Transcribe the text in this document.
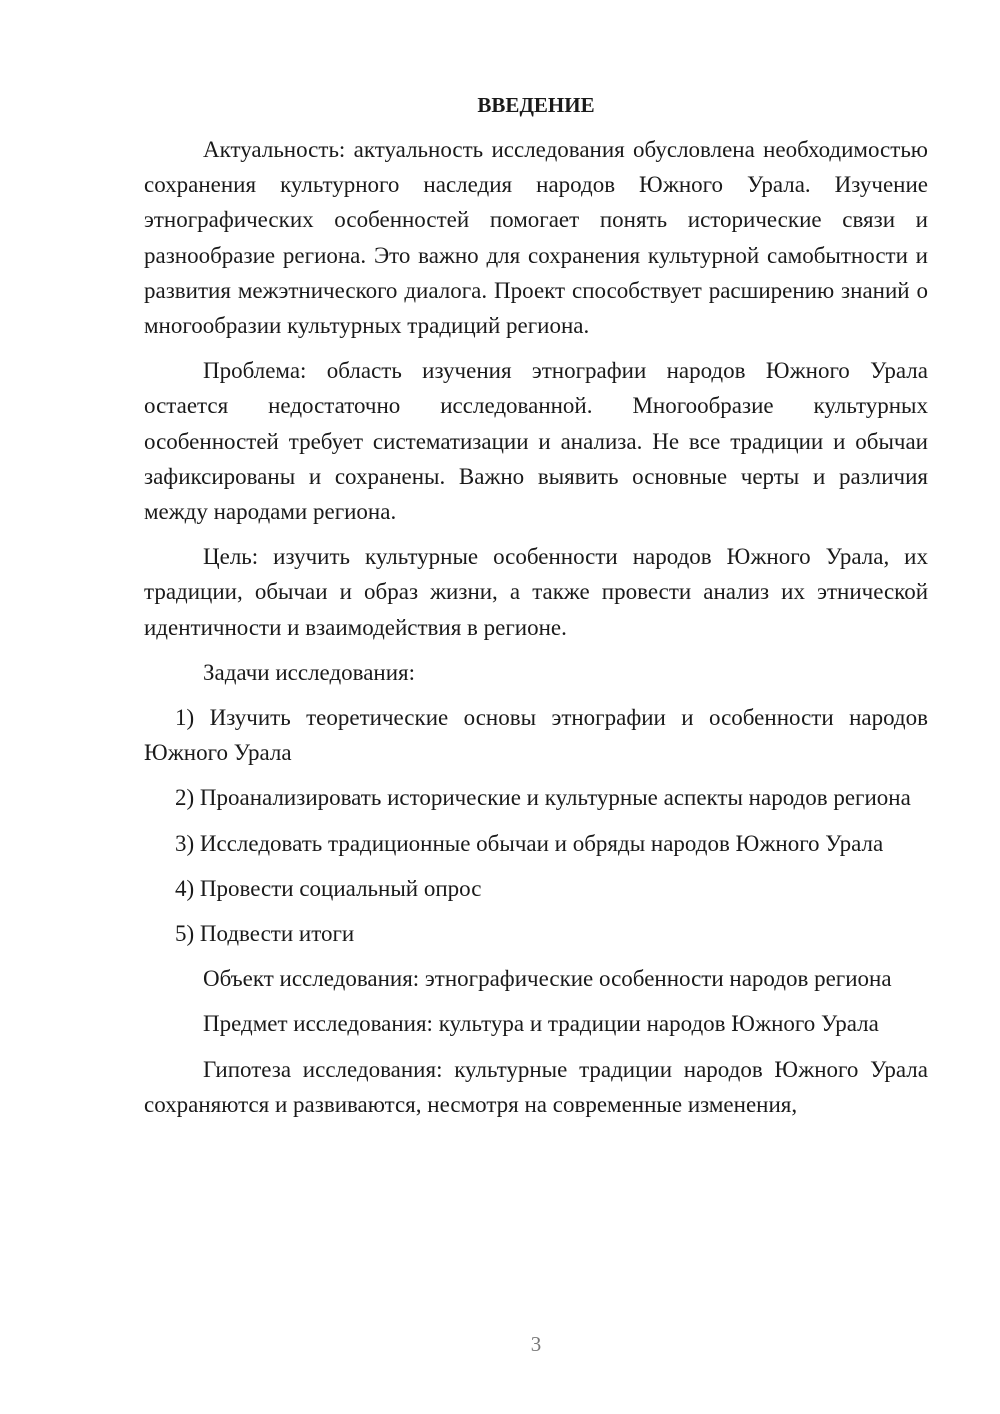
ВВЕДЕНИЕ

Актуальность: актуальность исследования обусловлена необходимостью сохранения культурного наследия народов Южного Урала. Изучение этнографических особенностей помогает понять исторические связи и разнообразие региона. Это важно для сохранения культурной самобытности и развития межэтнического диалога. Проект способствует расширению знаний о многообразии культурных традиций региона.

Проблема: область изучения этнографии народов Южного Урала остается недостаточно исследованной. Многообразие культурных особенностей требует систематизации и анализа. Не все традиции и обычаи зафиксированы и сохранены. Важно выявить основные черты и различия между народами региона.

Цель: изучить культурные особенности народов Южного Урала, их традиции, обычаи и образ жизни, а также провести анализ их этнической идентичности и взаимодействия в регионе.

Задачи исследования:

1) Изучить теоретические основы этнографии и особенности народов Южного Урала

2) Проанализировать исторические и культурные аспекты народов региона

3) Исследовать традиционные обычаи и обряды народов Южного Урала

4) Провести социальный опрос

5) Подвести итоги

Объект исследования: этнографические особенности народов региона

Предмет исследования: культура и традиции народов Южного Урала

Гипотеза исследования: культурные традиции народов Южного Урала сохраняются и развиваются, несмотря на современные изменения,

3
